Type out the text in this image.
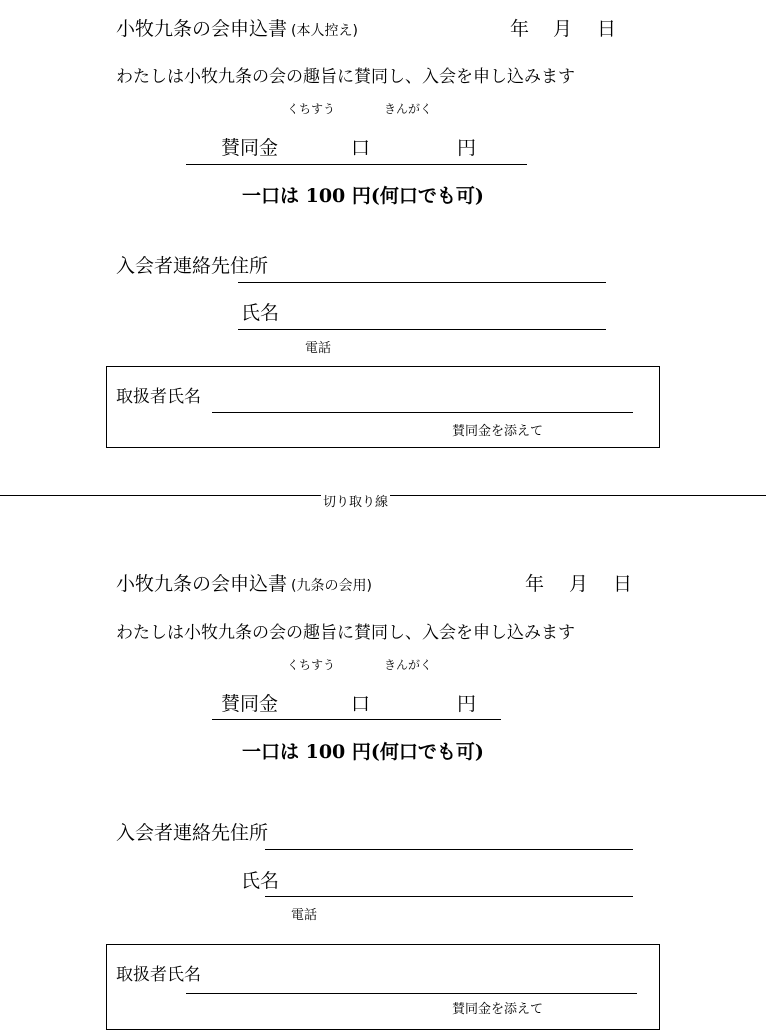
小牧九条の会申込書 (本人控え)	年 月 日
わたしは小牧九条の会の趣旨に賛同し、入会を申し込みます
くちすう	きんがく
賛同金	口	円
一口は 100 円(何口でも可)
入会者連絡先住所
氏名
電話
取扱者氏名
賛同金を添えて
切り取り線
小牧九条の会申込書 (九条の会用)	年 月 日
わたしは小牧九条の会の趣旨に賛同し、入会を申し込みます
くちすう	きんがく
賛同金	口	円
一口は 100 円(何口でも可)
入会者連絡先住所
氏名
電話
取扱者氏名
賛同金を添えて
